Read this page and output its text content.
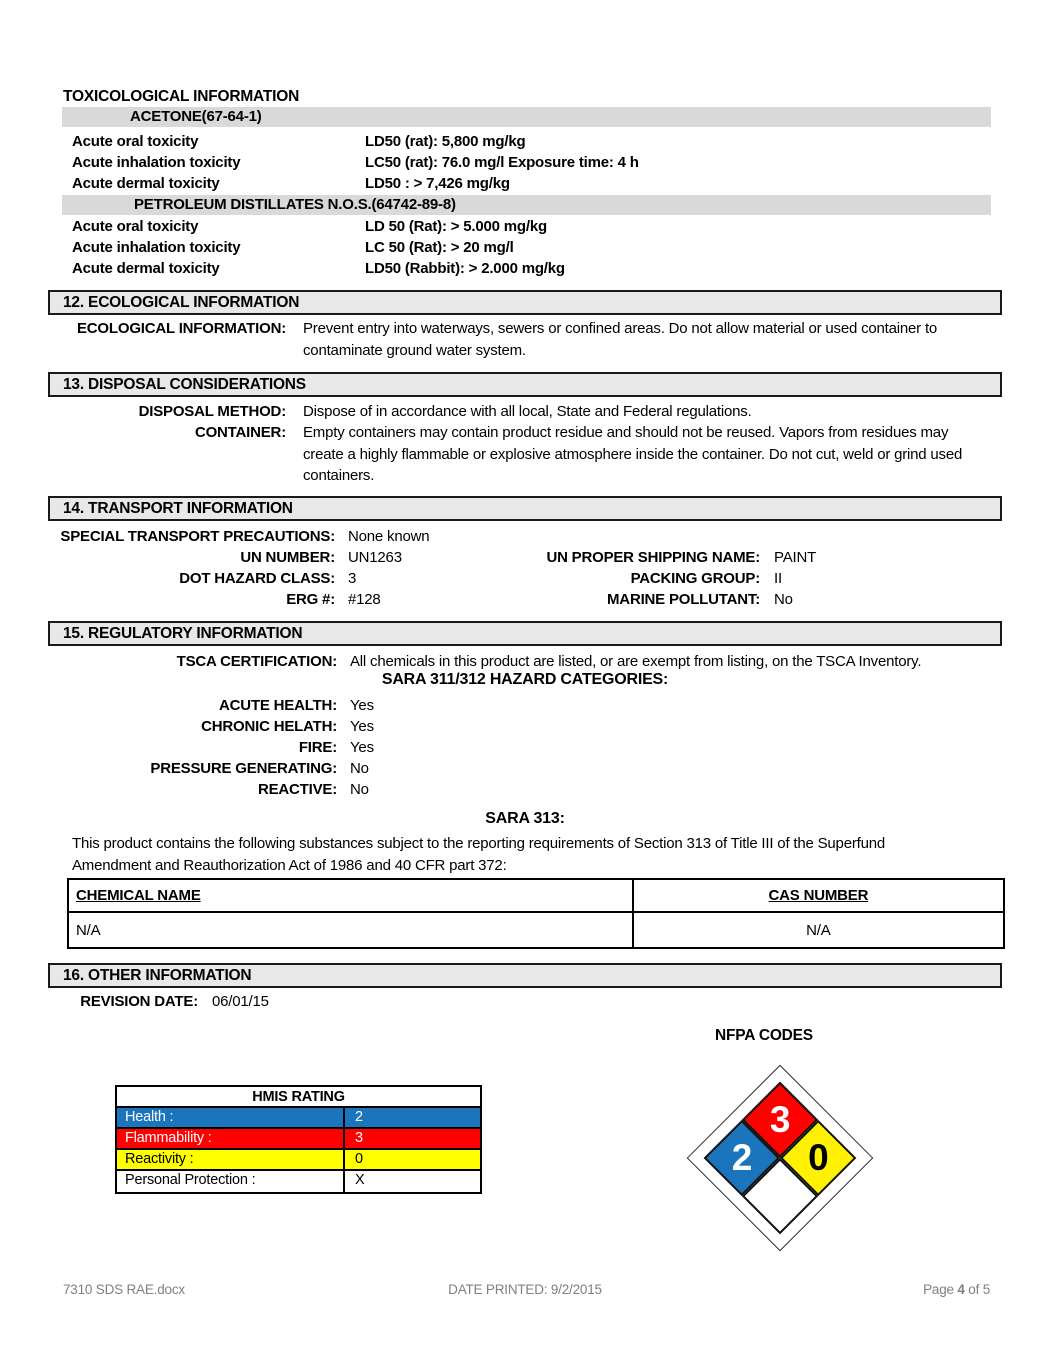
TOXICOLOGICAL INFORMATION
ACETONE(67-64-1)
Acute oral toxicity	LD50 (rat): 5,800 mg/kg
Acute inhalation toxicity	LC50 (rat): 76.0 mg/l Exposure time: 4 h
Acute dermal toxicity	LD50 : > 7,426 mg/kg
PETROLEUM DISTILLATES N.O.S.(64742-89-8)
Acute oral toxicity	LD 50 (Rat): > 5.000 mg/kg
Acute inhalation toxicity	LC 50 (Rat): > 20 mg/l
Acute dermal toxicity	LD50 (Rabbit): > 2.000 mg/kg
12. ECOLOGICAL INFORMATION
ECOLOGICAL INFORMATION: Prevent entry into waterways, sewers or confined areas. Do not allow material or used container to contaminate ground water system.
13. DISPOSAL CONSIDERATIONS
DISPOSAL METHOD: Dispose of in accordance with all local, State and Federal regulations.
CONTAINER: Empty containers may contain product residue and should not be reused. Vapors from residues may create a highly flammable or explosive atmosphere inside the container. Do not cut, weld or grind used containers.
14. TRANSPORT INFORMATION
SPECIAL TRANSPORT PRECAUTIONS: None known
UN NUMBER: UN1263
DOT HAZARD CLASS: 3
ERG #: #128
UN PROPER SHIPPING NAME: PAINT
PACKING GROUP: II
MARINE POLLUTANT: No
15. REGULATORY INFORMATION
TSCA CERTIFICATION: All chemicals in this product are listed, or are exempt from listing, on the TSCA Inventory.
SARA 311/312 HAZARD CATEGORIES:
ACUTE HEALTH: Yes
CHRONIC HELATH: Yes
FIRE: Yes
PRESSURE GENERATING: No
REACTIVE: No
SARA 313:
This product contains the following substances subject to the reporting requirements of Section 313 of Title III of the Superfund Amendment and Reauthorization Act of 1986 and 40 CFR part 372:
CHEMICAL NAME	CAS NUMBER
N/A	N/A
16. OTHER INFORMATION
REVISION DATE: 06/01/15
NFPA CODES
HMIS RATING
Health :	2
Flammability :	3
Reactivity :	0
Personal Protection :	X
3
0
2
7310 SDS RAE.docx	DATE PRINTED: 9/2/2015	Page 4 of 5
